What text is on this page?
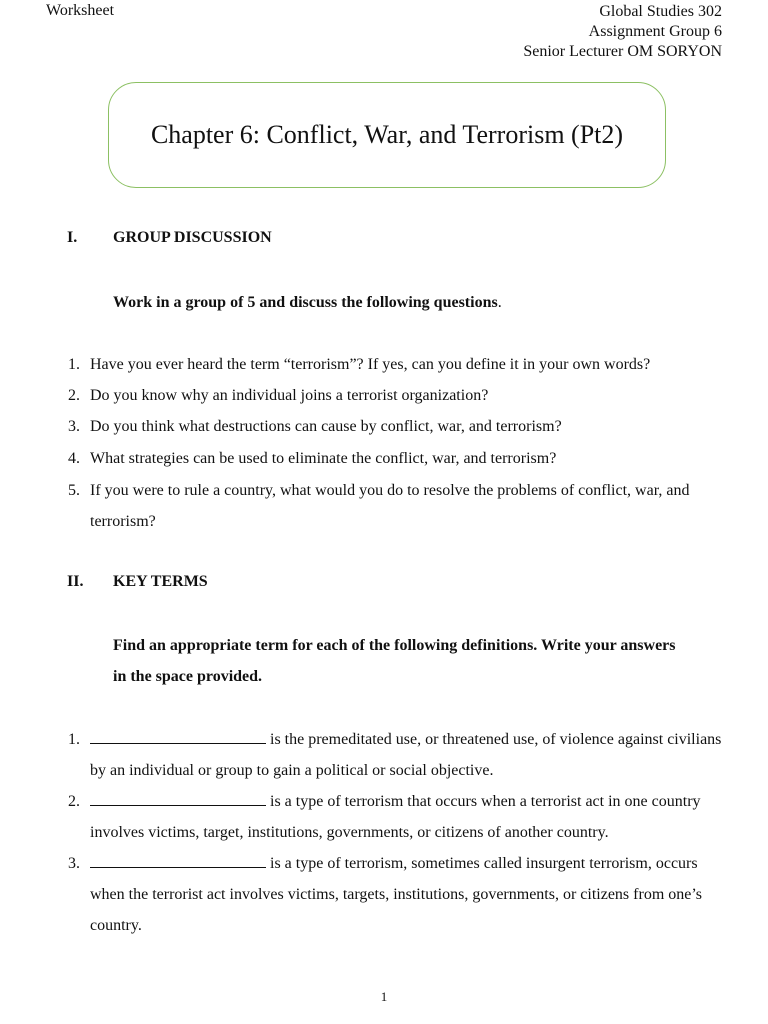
Worksheet	Global Studies 302
Assignment Group 6
Senior Lecturer OM SORYON
Chapter 6: Conflict, War, and Terrorism (Pt2)
I. GROUP DISCUSSION
Work in a group of 5 and discuss the following questions.
1. Have you ever heard the term “terrorism”? If yes, can you define it in your own words?
2. Do you know why an individual joins a terrorist organization?
3. Do you think what destructions can cause by conflict, war, and terrorism?
4. What strategies can be used to eliminate the conflict, war, and terrorism?
5. If you were to rule a country, what would you do to resolve the problems of conflict, war, and terrorism?
II. KEY TERMS
Find an appropriate term for each of the following definitions. Write your answers in the space provided.
1.	is the premeditated use, or threatened use, of violence against civilians by an individual or group to gain a political or social objective.
2.	is a type of terrorism that occurs when a terrorist act in one country involves victims, target, institutions, governments, or citizens of another country.
3.	is a type of terrorism, sometimes called insurgent terrorism, occurs when the terrorist act involves victims, targets, institutions, governments, or citizens from one’s country.
1
